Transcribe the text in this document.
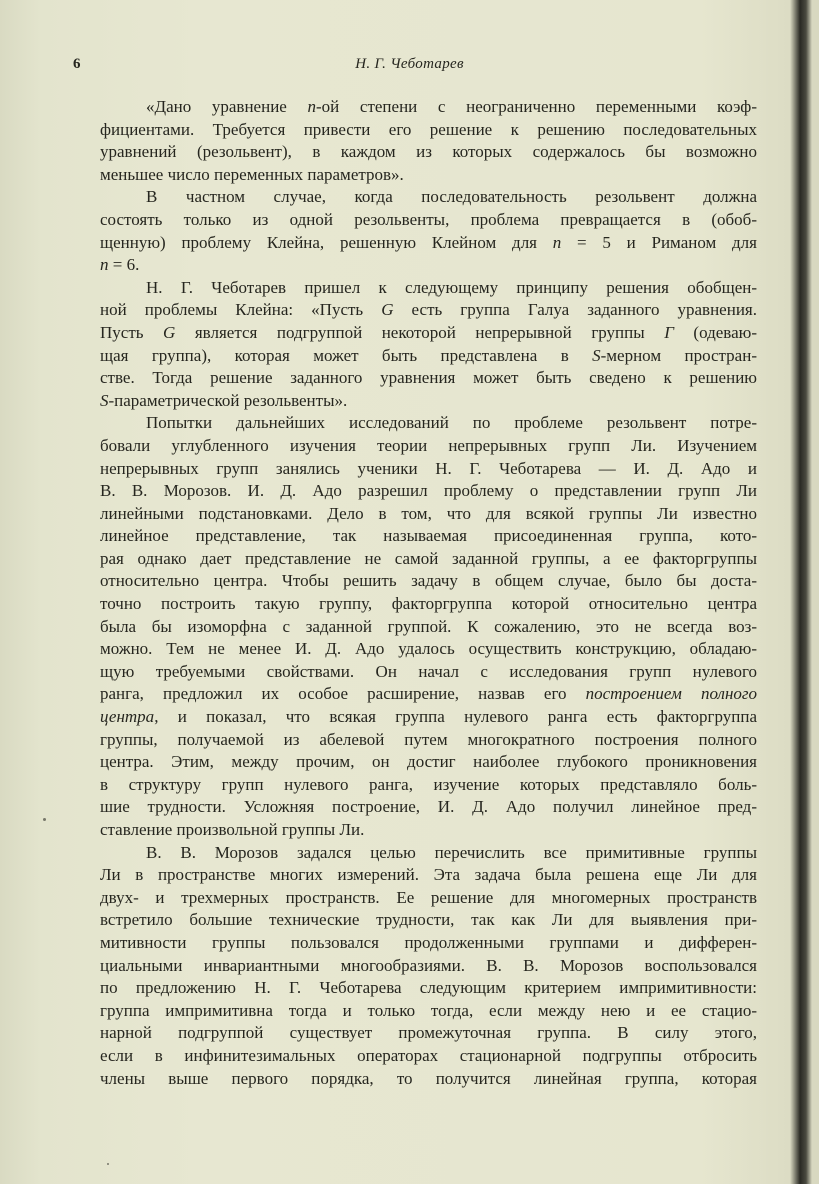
6	Н. Г. Чеботарев
«Дано уравнение n-ой степени с неограниченно переменными коэф-
фициентами. Требуется привести его решение к решению последовательных
уравнений (резольвент), в каждом из которых содержалось бы возможно
меньшее число переменных параметров».
В частном случае, когда последовательность резольвент должна
состоять только из одной резольвенты, проблема превращается в (обоб-
щенную) проблему Клейна, решенную Клейном для n = 5 и Риманом для
n = 6.
Н. Г. Чеботарев пришел к следующему принципу решения обобщен-
ной проблемы Клейна: «Пусть G есть группа Галуа заданного уравнения.
Пусть G является подгруппой некоторой непрерывной группы Γ (одеваю-
щая группа), которая может быть представлена в S-мерном простран-
стве. Тогда решение заданного уравнения может быть сведено к решению
S-параметрической резольвенты».
Попытки дальнейших исследований по проблеме резольвент потре-
бовали углубленного изучения теории непрерывных групп Ли. Изучением
непрерывных групп занялись ученики Н. Г. Чеботарева — И. Д. Адо и
В. В. Морозов. И. Д. Адо разрешил проблему о представлении групп Ли
линейными подстановками. Дело в том, что для всякой группы Ли известно
линейное представление, так называемая присоединенная группа, кото-
рая однако дает представление не самой заданной группы, а ее факторгруппы
относительно центра. Чтобы решить задачу в общем случае, было бы доста-
точно построить такую группу, факторгруппа которой относительно центра
была бы изоморфна с заданной группой. К сожалению, это не всегда воз-
можно. Тем не менее И. Д. Адо удалось осуществить конструкцию, обладаю-
щую требуемыми свойствами. Он начал с исследования групп нулевого
ранга, предложил их особое расширение, назвав его построением полного
центра, и показал, что всякая группа нулевого ранга есть факторгруппа
группы, получаемой из абелевой путем многократного построения полного
центра. Этим, между прочим, он достиг наиболее глубокого проникновения
в структуру групп нулевого ранга, изучение которых представляло боль-
шие трудности. Усложняя построение, И. Д. Адо получил линейное пред-
ставление произвольной группы Ли.
В. В. Морозов задался целью перечислить все примитивные группы
Ли в пространстве многих измерений. Эта задача была решена еще Ли для
двух- и трехмерных пространств. Ее решение для многомерных пространств
встретило большие технические трудности, так как Ли для выявления при-
митивности группы пользовался продолженными группами и дифферен-
циальными инвариантными многообразиями. В. В. Морозов воспользовался
по предложению Н. Г. Чеботарева следующим критерием импримитивности:
группа импримитивна тогда и только тогда, если между нею и ее стацио-
нарной подгруппой существует промежуточная группа. В силу этого,
если в инфинитезимальных операторах стационарной подгруппы отбросить
члены выше первого порядка, то получится линейная группа, которая
